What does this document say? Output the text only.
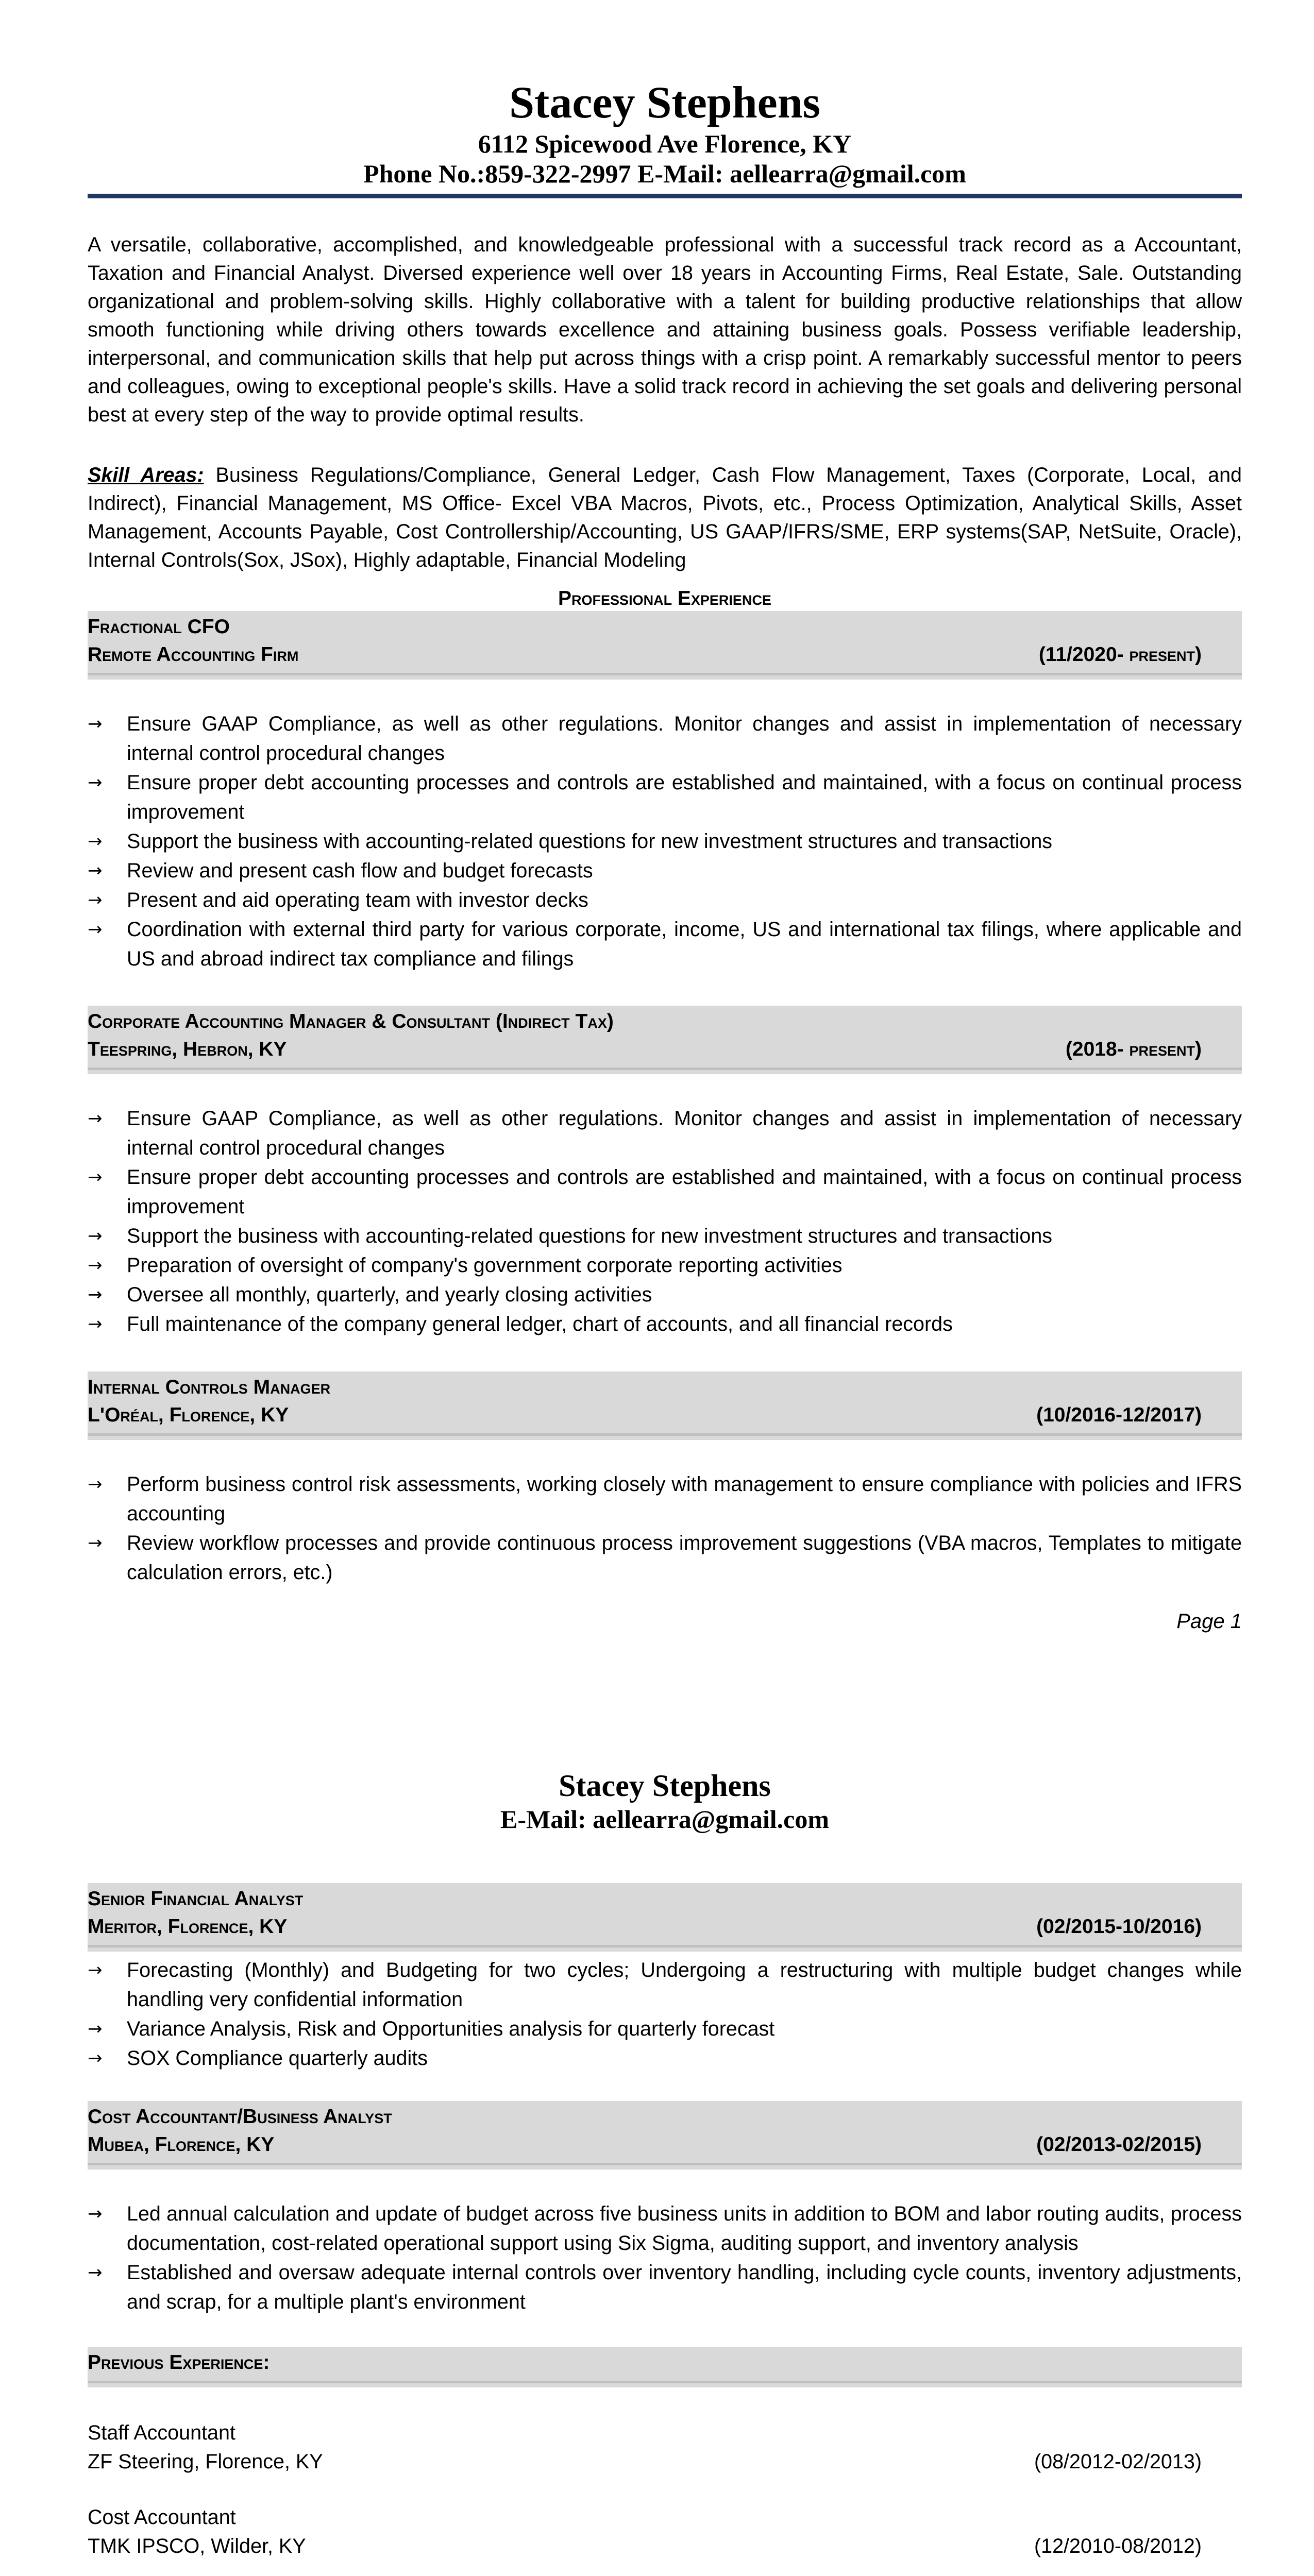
Stacey Stephens
6112 Spicewood Ave Florence, KY
Phone No.:859-322-2997 E-Mail: aellearra@gmail.com

A versatile, collaborative, accomplished, and knowledgeable professional with a successful track record as a Accountant, Taxation and Financial Analyst. Diversed experience well over 18 years in Accounting Firms, Real Estate, Sale. Outstanding organizational and problem-solving skills. Highly collaborative with a talent for building productive relationships that allow smooth functioning while driving others towards excellence and attaining business goals. Possess verifiable leadership, interpersonal, and communication skills that help put across things with a crisp point. A remarkably successful mentor to peers and colleagues, owing to exceptional people's skills. Have a solid track record in achieving the set goals and delivering personal best at every step of the way to provide optimal results.

Skill Areas: Business Regulations/Compliance, General Ledger, Cash Flow Management, Taxes (Corporate, Local, and Indirect), Financial Management, MS Office- Excel VBA Macros, Pivots, etc., Process Optimization, Analytical Skills, Asset Management, Accounts Payable, Cost Controllership/Accounting, US GAAP/IFRS/SME, ERP systems(SAP, NetSuite, Oracle), Internal Controls(Sox, JSox), Highly adaptable, Financial Modeling

Professional Experience
Fractional CFO
Remote Accounting Firm	(11/2020- present)
→	Ensure GAAP Compliance, as well as other regulations. Monitor changes and assist in implementation of necessary internal control procedural changes
→	Ensure proper debt accounting processes and controls are established and maintained, with a focus on continual process improvement
→	Support the business with accounting-related questions for new investment structures and transactions
→	Review and present cash flow and budget forecasts
→	Present and aid operating team with investor decks
→	Coordination with external third party for various corporate, income, US and international tax filings, where applicable and US and abroad indirect tax compliance and filings
Corporate Accounting Manager & Consultant (Indirect Tax)
Teespring, Hebron, KY	(2018- present)
→	Ensure GAAP Compliance, as well as other regulations. Monitor changes and assist in implementation of necessary internal control procedural changes
→	Ensure proper debt accounting processes and controls are established and maintained, with a focus on continual process improvement
→	Support the business with accounting-related questions for new investment structures and transactions
→	Preparation of oversight of company's government corporate reporting activities
→	Oversee all monthly, quarterly, and yearly closing activities
→	Full maintenance of the company general ledger, chart of accounts, and all financial records
Internal Controls Manager
L'Oréal, Florence, KY	(10/2016-12/2017)
→	Perform business control risk assessments, working closely with management to ensure compliance with policies and IFRS accounting
→	Review workflow processes and provide continuous process improvement suggestions (VBA macros, Templates to mitigate calculation errors, etc.)
Page 1
Stacey Stephens
E-Mail: aellearra@gmail.com
Senior Financial Analyst
Meritor, Florence, KY	(02/2015-10/2016)
→	Forecasting (Monthly) and Budgeting for two cycles; Undergoing a restructuring with multiple budget changes while handling very confidential information
→	Variance Analysis, Risk and Opportunities analysis for quarterly forecast
→	SOX Compliance quarterly audits
Cost Accountant/Business Analyst
Mubea, Florence, KY	(02/2013-02/2015)
→	Led annual calculation and update of budget across five business units in addition to BOM and labor routing audits, process documentation, cost-related operational support using Six Sigma, auditing support, and inventory analysis
→	Established and oversaw adequate internal controls over inventory handling, including cycle counts, inventory adjustments, and scrap, for a multiple plant's environment
Previous Experience:
Staff Accountant
ZF Steering, Florence, KY	(08/2012-02/2013)
Cost Accountant
TMK IPSCO, Wilder, KY	(12/2010-08/2012)
